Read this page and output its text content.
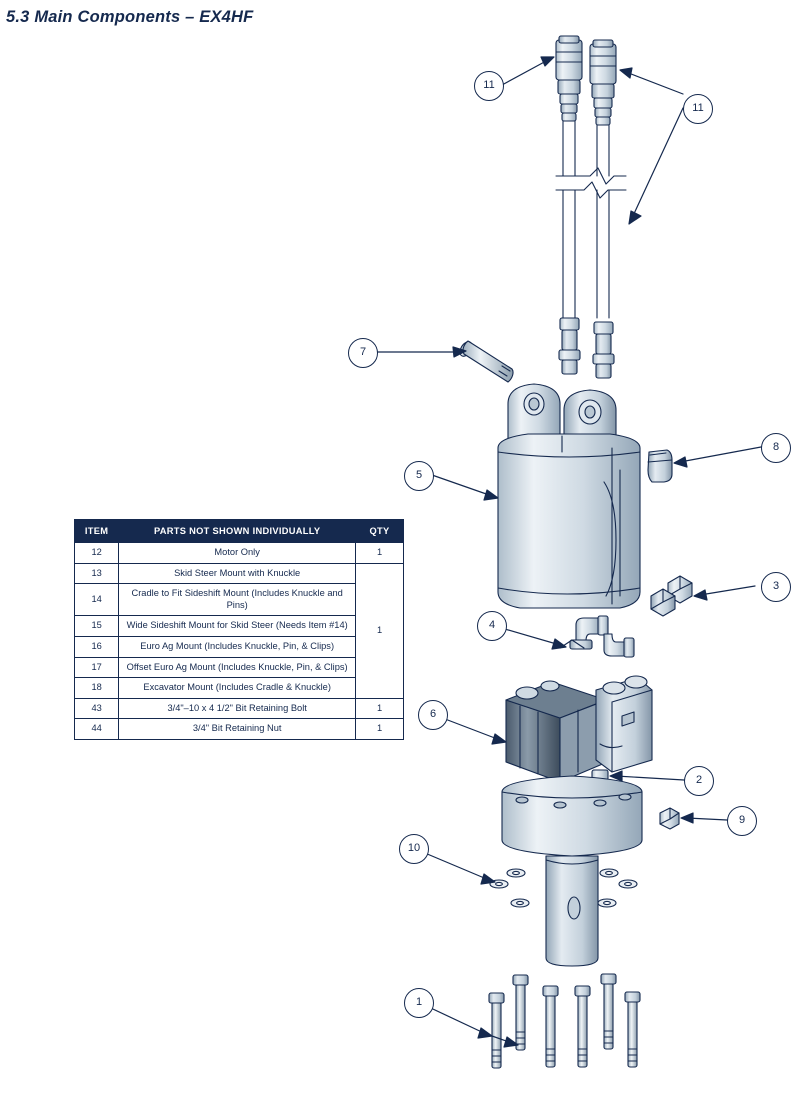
5.3 Main Components – EX4HF
11
11
7
8
5
3
4
6
2
9
10
1
ITEM	PARTS NOT SHOWN INDIVIDUALLY	QTY
12	Motor Only	1
13	Skid Steer Mount with Knuckle	1
14	Cradle to Fit Sideshift Mount (Includes Knuckle and Pins)	
15	Wide Sideshift Mount for Skid Steer (Needs Item #14)	
16	Euro Ag Mount (Includes Knuckle, Pin, & Clips)	
17	Offset Euro Ag Mount (Includes Knuckle, Pin, & Clips)	
18	Excavator Mount (Includes Cradle & Knuckle)	
43	3/4"–10 x 4 1/2" Bit Retaining Bolt	1
44	3/4" Bit Retaining Nut	1
